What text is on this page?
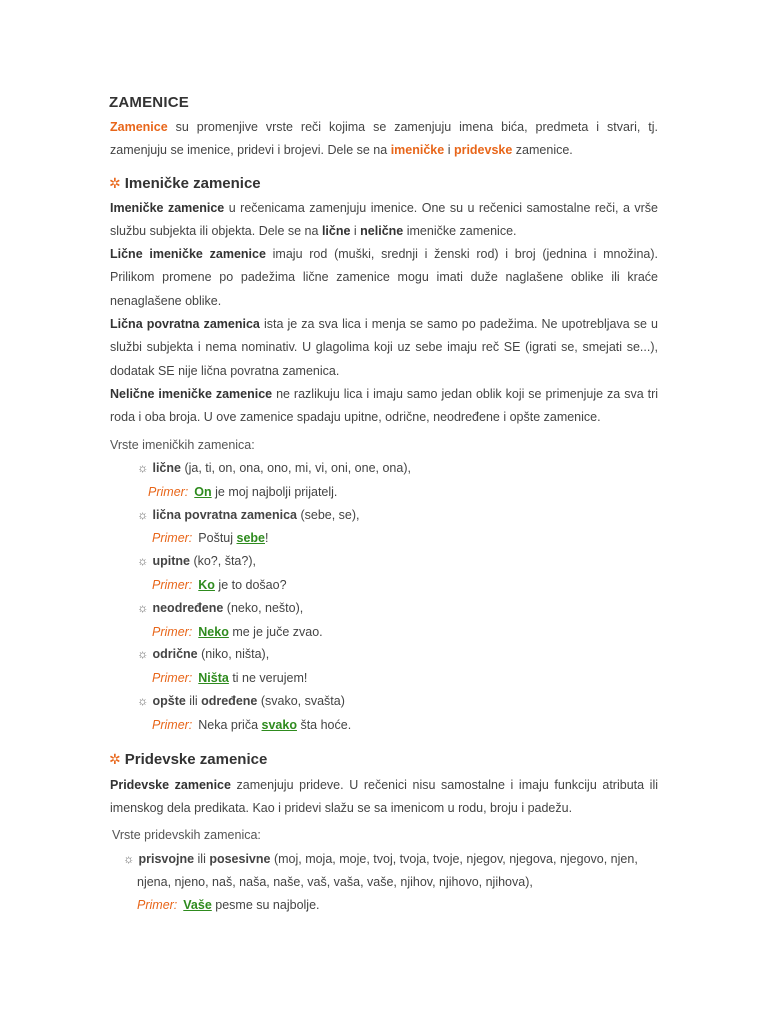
ZAMENICE
Zamenice su promenjive vrste reči kojima se zamenjuju imena bića, predmeta i stvari, tj. zamenjuju se imenice, pridevi i brojevi. Dele se na imeničke i pridevske zamenice.
✲ Imeničke zamenice
Imeničke zamenice u rečenicama zamenjuju imenice. One su u rečenici samostalne reči, a vrše službu subjekta ili objekta. Dele se na lične i nelične imeničke zamenice.
Lične imeničke zamenice imaju rod (muški, srednji i ženski rod) i broj (jednina i množina). Prilikom promene po padežima lične zamenice mogu imati duže naglašene oblike ili kraće nenaglašene oblike.
Lična povratna zamenica ista je za sva lica i menja se samo po padežima. Ne upotrebljava se u službi subjekta i nema nominativ. U glagolima koji uz sebe imaju reč SE (igrati se, smejati se...), dodatak SE nije lična povratna zamenica.
Nelične imeničke zamenice ne razlikuju lica i imaju samo jedan oblik koji se primenjuje za sva tri roda i oba broja. U ove zamenice spadaju upitne, odrične, neodređene i opšte zamenice.
Vrste imeničkih zamenica:
☼ lične (ja, ti, on, ona, ono, mi, vi, oni, one, ona),
Primer: On je moj najbolji prijatelj.
☼ lična povratna zamenica (sebe, se),
Primer: Poštuj sebe!
☼ upitne (ko?, šta?),
Primer: Ko je to došao?
☼ neodređene (neko, nešto),
Primer: Neko me je juče zvao.
☼ odrične (niko, ništa),
Primer: Ništa ti ne verujem!
☼ opšte ili određene (svako, svašta)
Primer: Neka priča svako šta hoće.
✲ Pridevske zamenice
Pridevske zamenice zamenjuju prideve. U rečenici nisu samostalne i imaju funkciju atributa ili imenskog dela predikata. Kao i pridevi slažu se sa imenicom u rodu, broju i padežu.
Vrste pridevskih zamenica:
☼ prisvojne ili posesivne (moj, moja, moje, tvoj, tvoja, tvoje, njegov, njegova, njegovo, njen,
njena, njeno, naš, naša, naše, vaš, vaša, vaše, njihov, njihovo, njihova),
Primer: Vaše pesme su najbolje.
